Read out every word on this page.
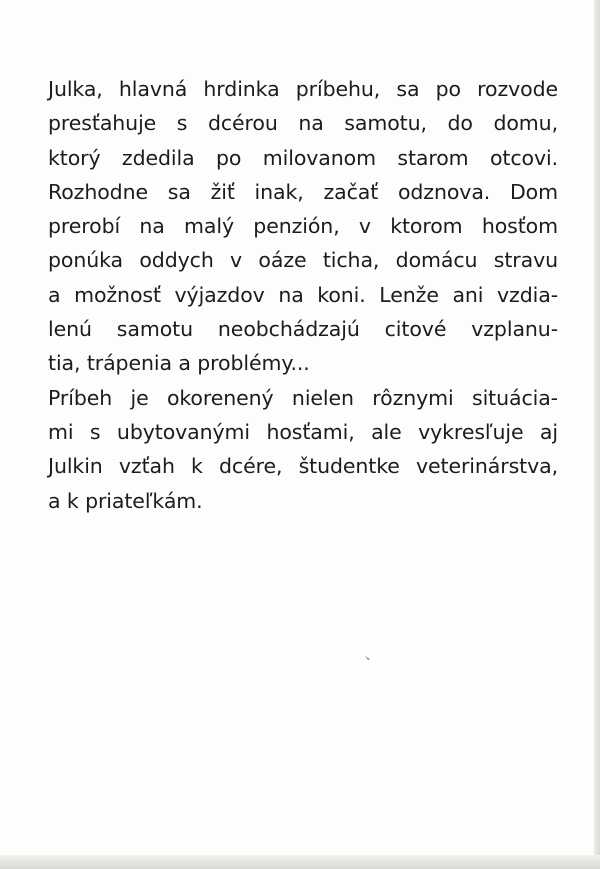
Julka, hlavná hrdinka príbehu, sa po rozvode
presťahuje s dcérou na samotu, do domu,
ktorý zdedila po milovanom starom otcovi.
Rozhodne sa žiť inak, začať odznova. Dom
prerobí na malý penzión, v ktorom hosťom
ponúka oddych v oáze ticha, domácu stravu
a možnosť výjazdov na koni. Lenže ani vzdia-
lenú samotu neobchádzajú citové vzplanu-
tia, trápenia a problémy...
Príbeh je okorenený nielen rôznymi situácia-
mi s ubytovanými hosťami, ale vykresľuje aj
Julkin vzťah k dcére, študentke veterinárstva,
a k priateľkám.
